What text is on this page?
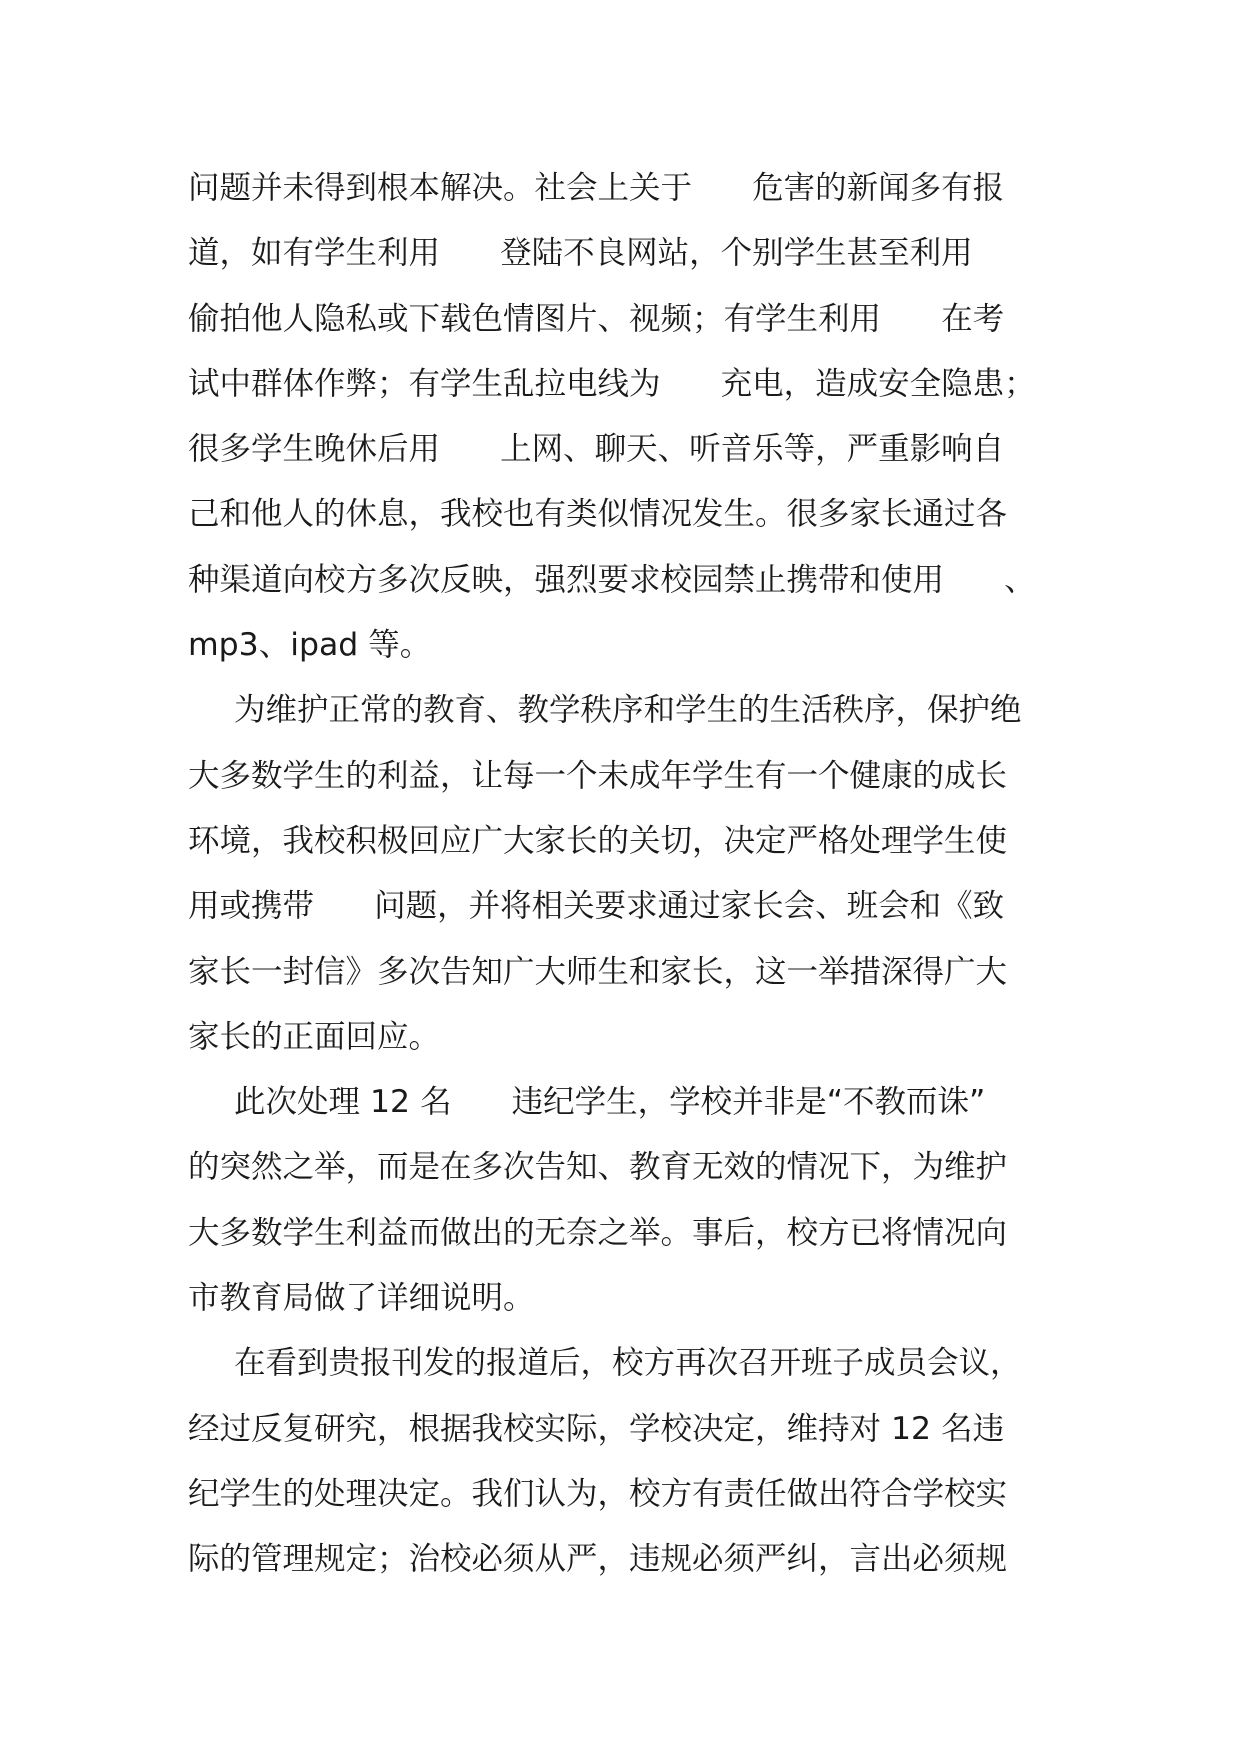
问题并未得到根本解决。社会上关于      危害的新闻多有报
道，如有学生利用      登陆不良网站，个别学生甚至利用
偷拍他人隐私或下载色情图片、视频；有学生利用      在考
试中群体作弊；有学生乱拉电线为      充电，造成安全隐患；
很多学生晚休后用      上网、聊天、听音乐等，严重影响自
己和他人的休息，我校也有类似情况发生。很多家长通过各
种渠道向校方多次反映，强烈要求校园禁止携带和使用      、
mp3、ipad 等。
为维护正常的教育、教学秩序和学生的生活秩序，保护绝
大多数学生的利益，让每一个未成年学生有一个健康的成长
环境，我校积极回应广大家长的关切，决定严格处理学生使
用或携带      问题，并将相关要求通过家长会、班会和《致
家长一封信》多次告知广大师生和家长，这一举措深得广大
家长的正面回应。
此次处理 12 名      违纪学生，学校并非是“不教而诛”
的突然之举，而是在多次告知、教育无效的情况下，为维护
大多数学生利益而做出的无奈之举。事后，校方已将情况向
市教育局做了详细说明。
在看到贵报刊发的报道后，校方再次召开班子成员会议，
经过反复研究，根据我校实际，学校决定，维持对 12 名违
纪学生的处理决定。我们认为，校方有责任做出符合学校实
际的管理规定；治校必须从严，违规必须严纠，言出必须规
